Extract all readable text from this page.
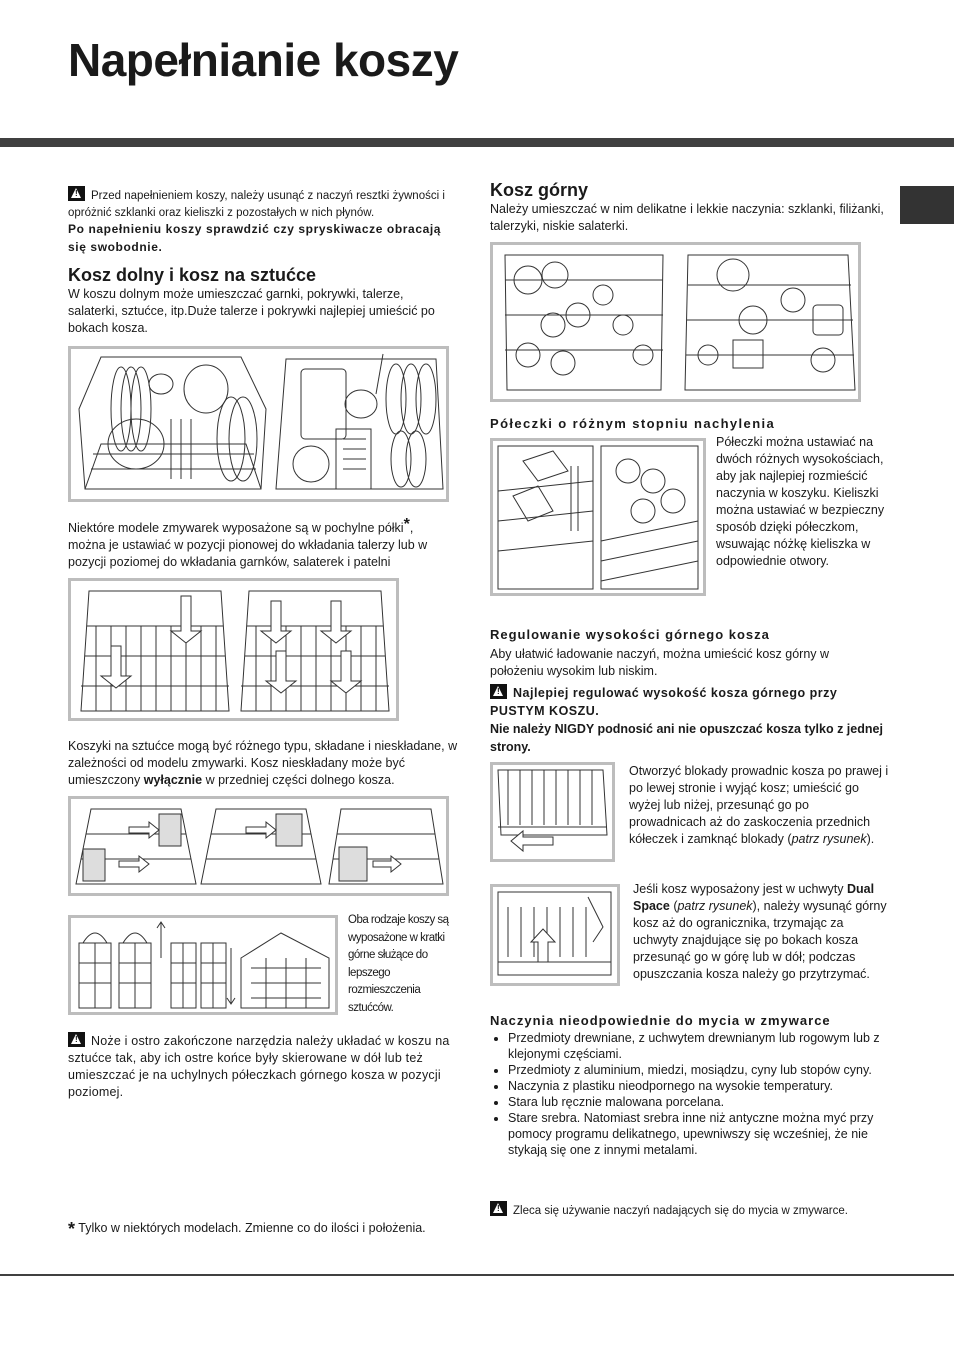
Napełnianie koszy
!Przed napełnieniem koszy, należy usunąć z naczyń resztki żywności i opróżnić szklanki oraz kieliszki z pozostałych w nich płynów.
Po napełnieniu koszy sprawdzić czy spryskiwacze obracają się swobodnie.
Kosz dolny i kosz na sztućce
W koszu dolnym może umieszczać garnki, pokrywki, talerze, salaterki, sztućce, itp.Duże talerze i pokrywki najlepiej umieścić po bokach kosza.
Niektóre modele zmywarek wyposażone są w pochylne półki*, można je ustawiać w pozycji pionowej do wkładania talerzy lub w pozycji poziomej do wkładania garnków, salaterek i patelni
Koszyki na sztućce mogą być różnego typu, składane i nieskładane, w zależności od modelu zmywarki. Kosz nieskładany może być umieszczony wyłącznie w przedniej części dolnego kosza.
Oba rodzaje koszy są wyposażone w kratki górne służące do lepszego rozmieszczenia sztućców.
!Noże i ostro zakończone narzędzia należy układać w koszu na sztućce tak, aby ich ostre końce były skierowane w dół lub też umieszczać je na uchylnych półeczkach górnego kosza w pozycji poziomej.
* Tylko w niektórych modelach. Zmienne co do ilości i położenia.
Kosz górny
Należy umieszczać w nim delikatne i lekkie naczynia: szklanki, filiżanki, talerzyki, niskie salaterki.
Półeczki o różnym stopniu nachylenia
Półeczki można ustawiać na dwóch różnych wysokościach, aby jak najlepiej rozmieścić naczynia w koszyku. Kieliszki można ustawiać w bezpieczny sposób dzięki półeczkom, wsuwając nóżkę kieliszka w odpowiednie otwory.
Regulowanie wysokości górnego kosza
Aby ułatwić ładowanie naczyń, można umieścić kosz górny w położeniu wysokim lub niskim.
!Najlepiej regulować wysokość kosza górnego przy PUSTYM KOSZU.
Nie należy NIGDY podnosić ani nie opuszczać kosza tylko z jednej strony.
Otworzyć blokady prowadnic kosza po prawej i po lewej stronie i wyjąć kosz; umieścić go wyżej lub niżej, przesunąć go po prowadnicach aż do zaskoczenia przednich kółeczek i zamknąć blokady (patrz rysunek).
Jeśli kosz wyposażony jest w uchwyty Dual Space (patrz rysunek), należy wysunąć górny kosz aż do ogranicznika, trzymając za uchwyty znajdujące się po bokach kosza przesunąć go w górę lub w dół; podczas opuszczania kosza należy go przytrzymać.
Naczynia nieodpowiednie do mycia w zmywarce
• Przedmioty drewniane, z uchwytem drewnianym lub rogowym lub z klejonymi częściami.
• Przedmioty z aluminium, miedzi, mosiądzu, cyny lub stopów cyny.
• Naczynia z plastiku nieodpornego na wysokie temperatury.
• Stara lub ręcznie malowana porcelana.
• Stare srebra. Natomiast srebra inne niż antyczne można myć przy pomocy programu delikatnego, upewniwszy się wcześniej, że nie stykają się one z innymi metalami.
!Zleca się używanie naczyń nadających się do mycia w zmywarce.
